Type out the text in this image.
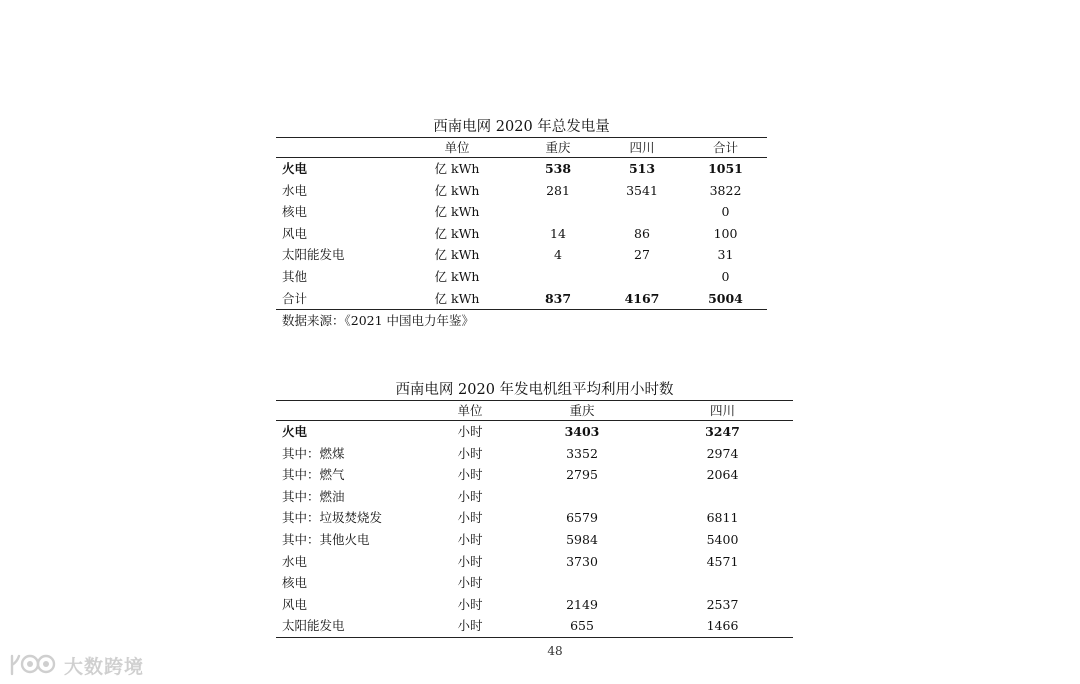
西南电网 2020 年总发电量
	单位	重庆	四川	合计
火电	亿 kWh	538	513	1051
水电	亿 kWh	281	3541	3822
核电	亿 kWh			0
风电	亿 kWh	14	86	100
太阳能发电	亿 kWh	4	27	31
其他	亿 kWh			0
合计	亿 kWh	837	4167	5004
数据来源：《2021 中国电力年鉴》
西南电网 2020 年发电机组平均利用小时数
	单位	重庆	四川
火电	小时	3403	3247
其中：燃煤	小时	3352	2974
其中：燃气	小时	2795	2064
其中：燃油	小时		
其中：垃圾焚烧发	小时	6579	6811
其中：其他火电	小时	5984	5400
水电	小时	3730	4571
核电	小时		
风电	小时	2149	2537
太阳能发电	小时	655	1466
48
大数跨境
